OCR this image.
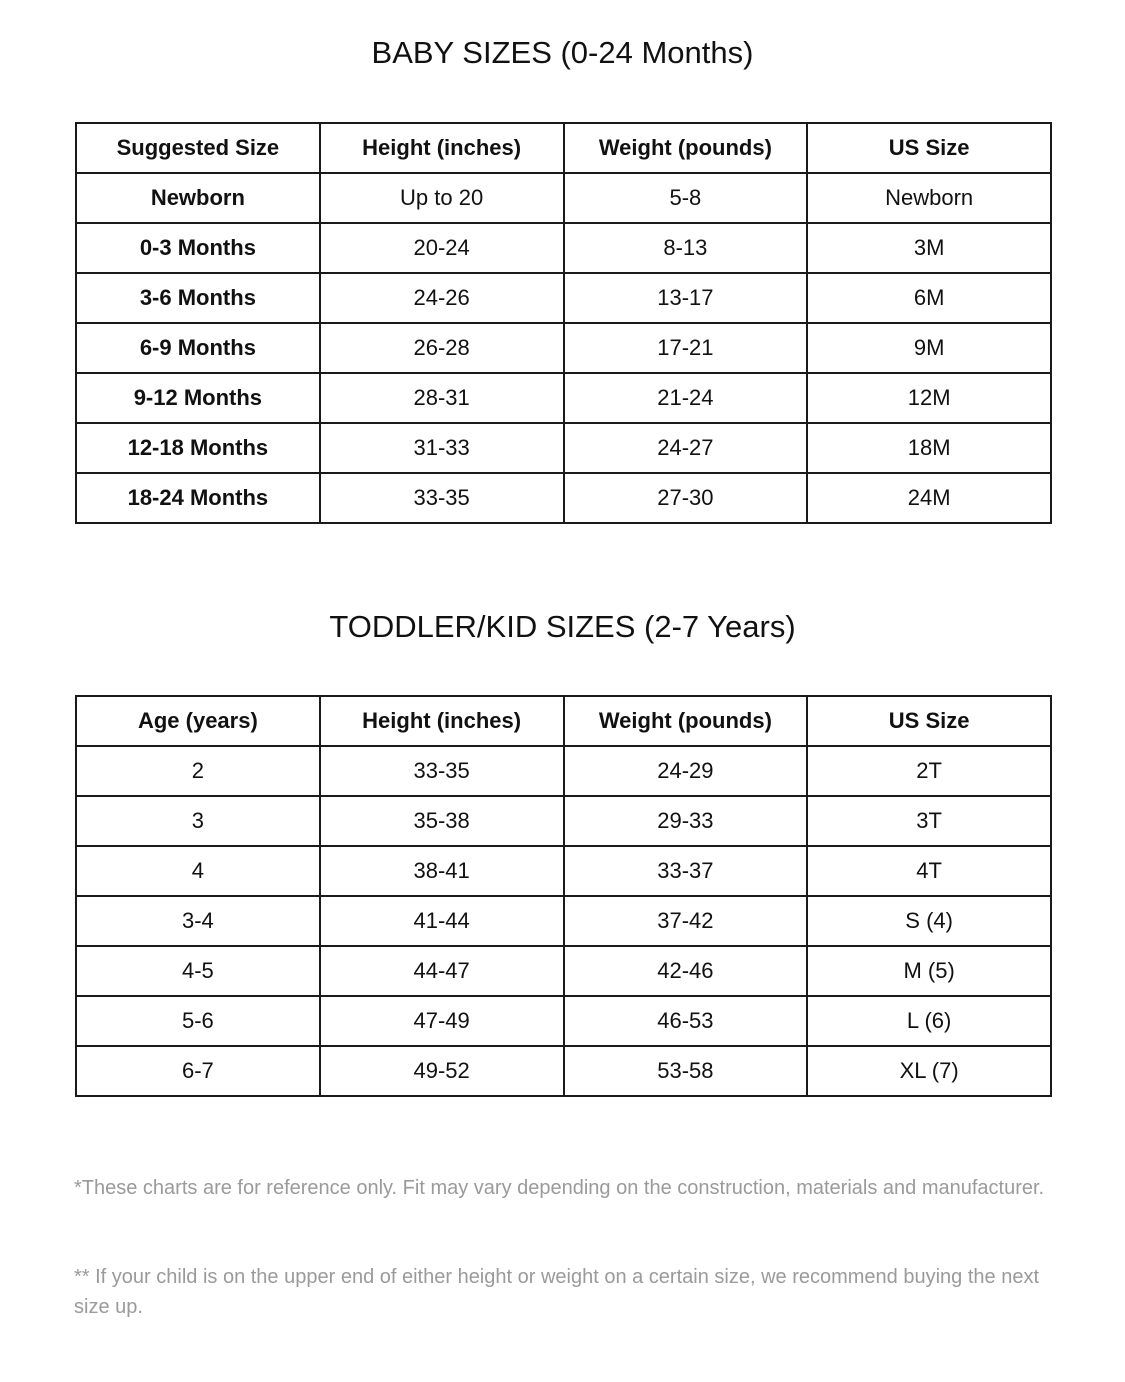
BABY SIZES (0-24 Months)
Suggested Size	Height (inches)	Weight (pounds)	US Size
Newborn	Up to 20	5-8	Newborn
0-3 Months	20-24	8-13	3M
3-6 Months	24-26	13-17	6M
6-9 Months	26-28	17-21	9M
9-12 Months	28-31	21-24	12M
12-18 Months	31-33	24-27	18M
18-24 Months	33-35	27-30	24M
TODDLER/KID SIZES (2-7 Years)
Age (years)	Height (inches)	Weight (pounds)	US Size
2	33-35	24-29	2T
3	35-38	29-33	3T
4	38-41	33-37	4T
3-4	41-44	37-42	S (4)
4-5	44-47	42-46	M (5)
5-6	47-49	46-53	L (6)
6-7	49-52	53-58	XL (7)

*These charts are for reference only. Fit may vary depending on the construction, materials and manufacturer.

** If your child is on the upper end of either height or weight on a certain size, we recommend buying the next size up.
